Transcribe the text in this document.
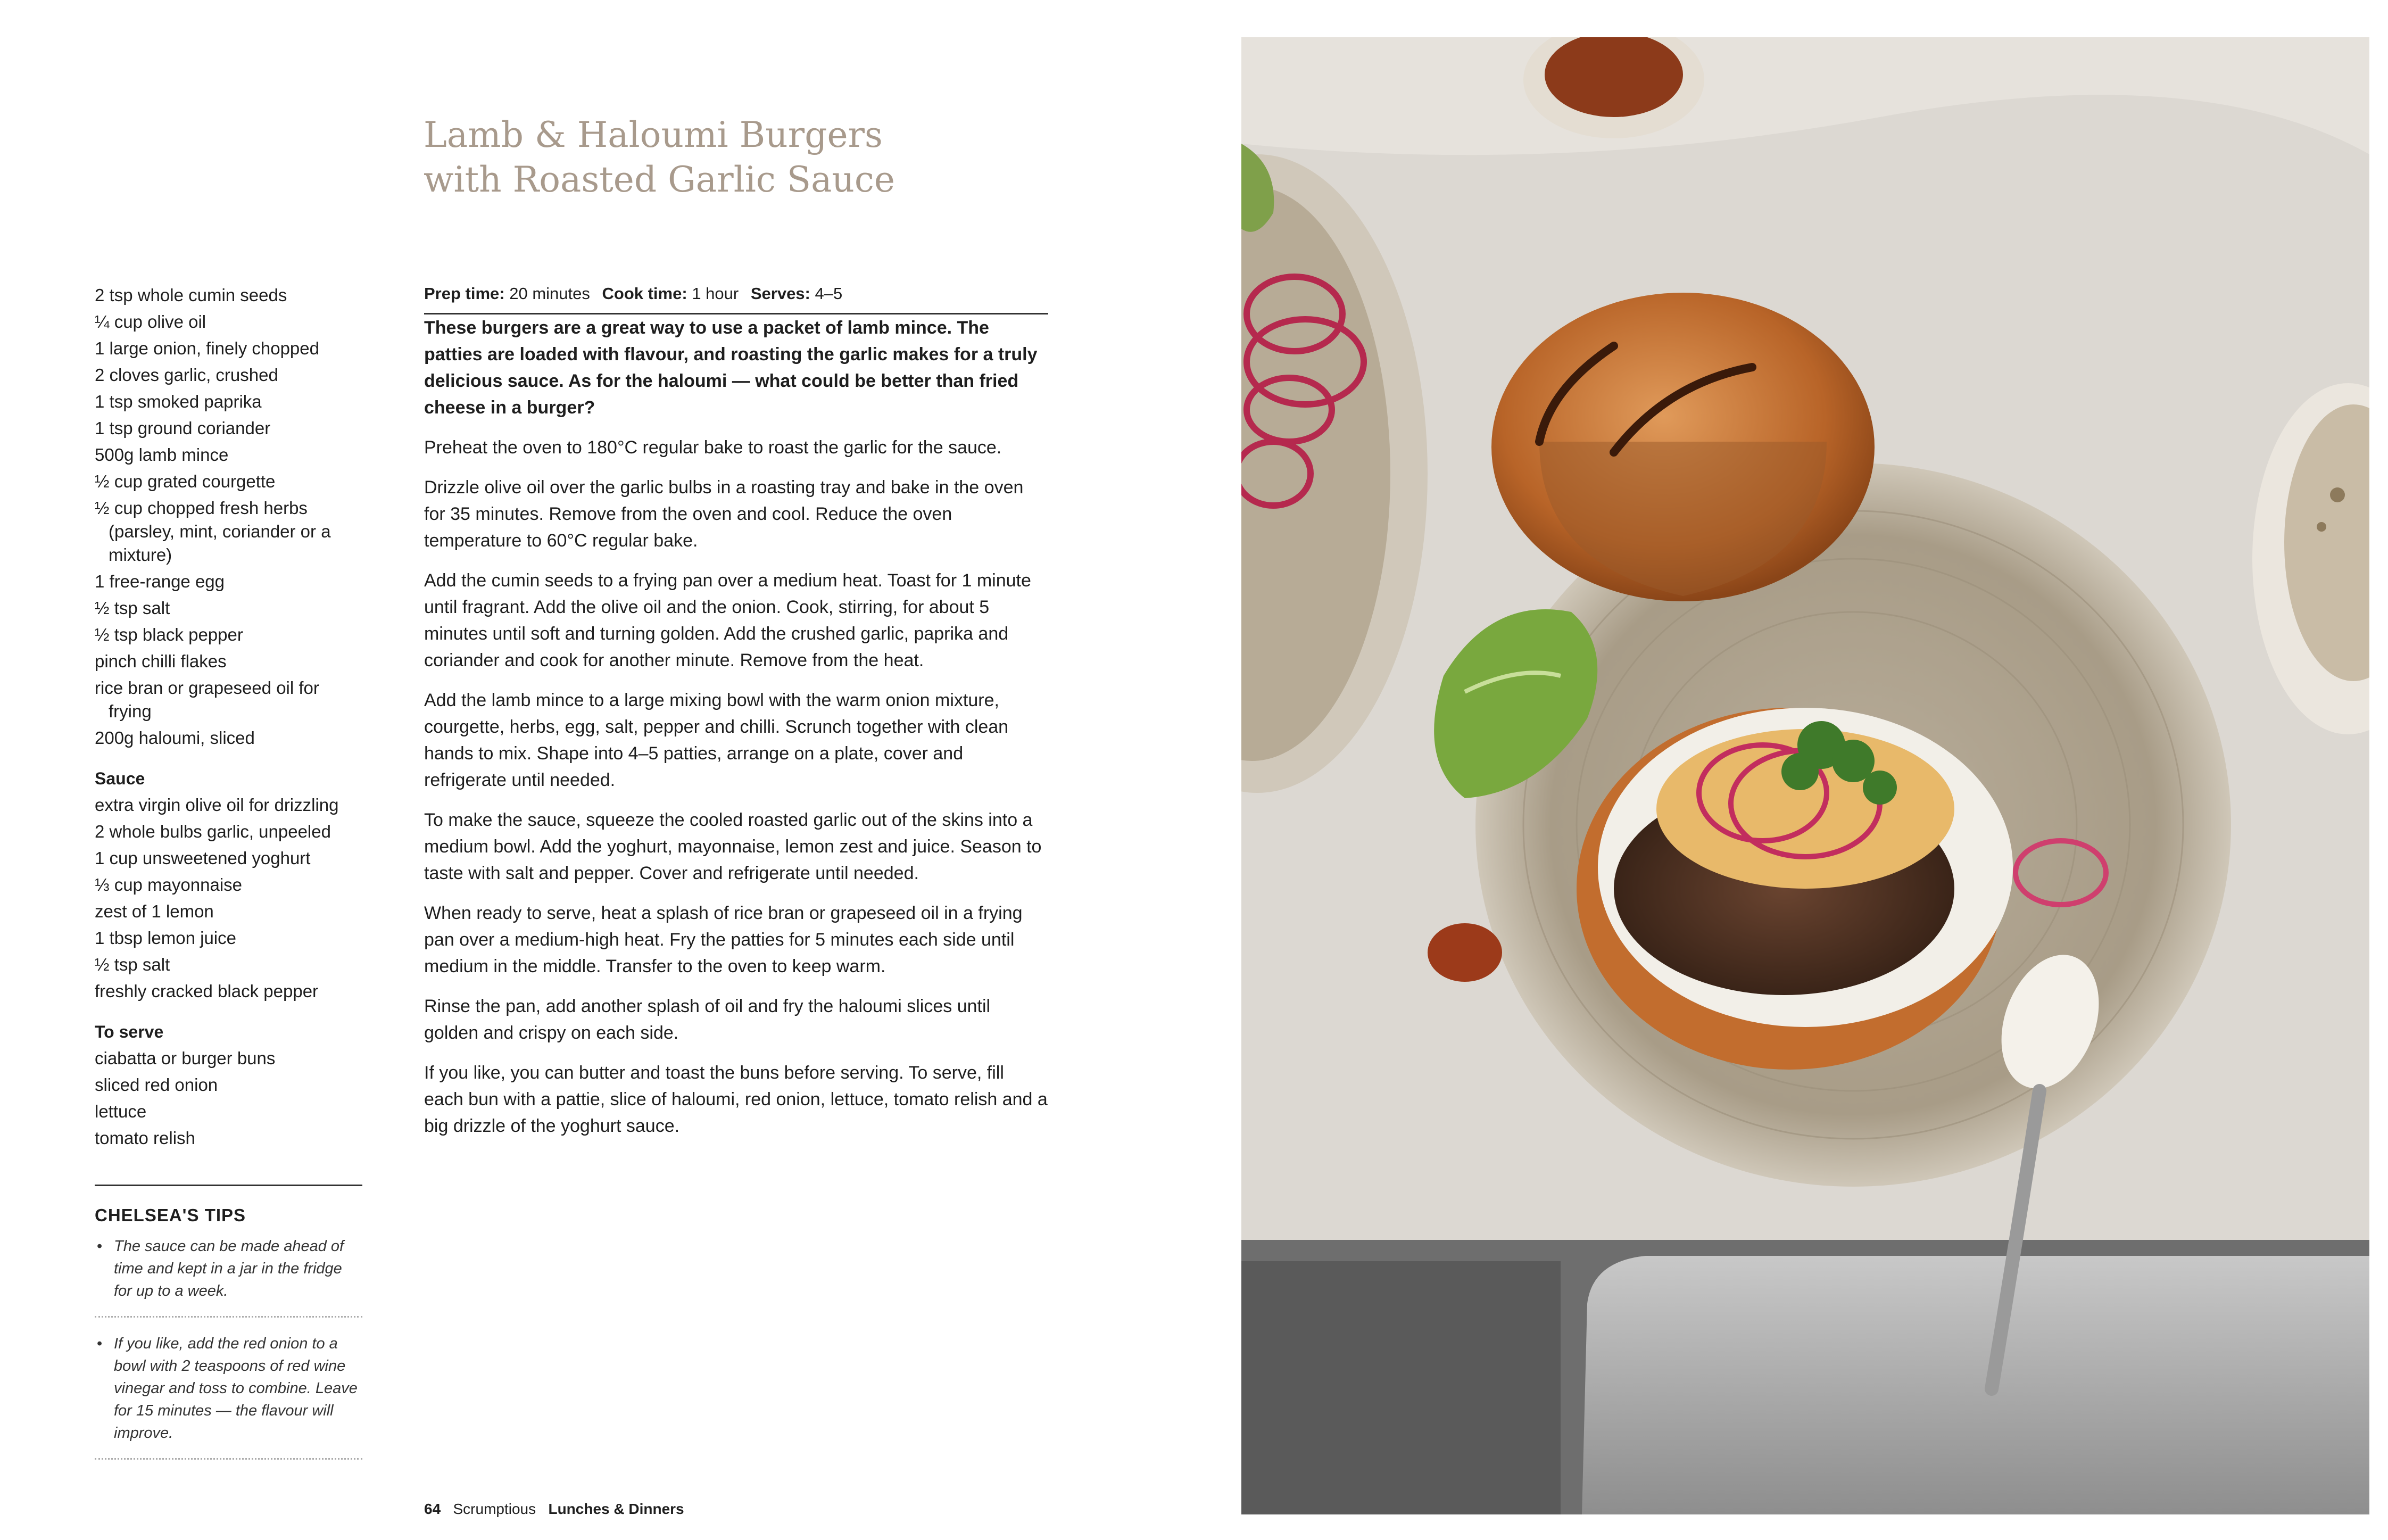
Lamb & Haloumi Burgers
with Roasted Garlic Sauce
2 tsp whole cumin seeds
¼ cup olive oil
1 large onion, finely chopped
2 cloves garlic, crushed
1 tsp smoked paprika
1 tsp ground coriander
500g lamb mince
½ cup grated courgette
½ cup chopped fresh herbs (parsley, mint, coriander or a mixture)
1 free-range egg
½ tsp salt
½ tsp black pepper
pinch chilli flakes
rice bran or grapeseed oil for frying
200g haloumi, sliced
Sauce
extra virgin olive oil for drizzling
2 whole bulbs garlic, unpeeled
1 cup unsweetened yoghurt
⅓ cup mayonnaise
zest of 1 lemon
1 tbsp lemon juice
½ tsp salt
freshly cracked black pepper
To serve
ciabatta or burger buns
sliced red onion
lettuce
tomato relish
CHELSEA'S TIPS
• The sauce can be made ahead of time and kept in a jar in the fridge for up to a week.
• If you like, add the red onion to a bowl with 2 teaspoons of red wine vinegar and toss to combine. Leave for 15 minutes — the flavour will improve.
Prep time: 20 minutes Cook time: 1 hour Serves: 4–5

These burgers are a great way to use a packet of lamb mince. The patties are loaded with flavour, and roasting the garlic makes for a truly delicious sauce. As for the haloumi — what could be better than fried cheese in a burger?

Preheat the oven to 180°C regular bake to roast the garlic for the sauce.

Drizzle olive oil over the garlic bulbs in a roasting tray and bake in the oven for 35 minutes. Remove from the oven and cool. Reduce the oven temperature to 60°C regular bake.

Add the cumin seeds to a frying pan over a medium heat. Toast for 1 minute until fragrant. Add the olive oil and the onion. Cook, stirring, for about 5 minutes until soft and turning golden. Add the crushed garlic, paprika and coriander and cook for another minute. Remove from the heat.

Add the lamb mince to a large mixing bowl with the warm onion mixture, courgette, herbs, egg, salt, pepper and chilli. Scrunch together with clean hands to mix. Shape into 4–5 patties, arrange on a plate, cover and refrigerate until needed.

To make the sauce, squeeze the cooled roasted garlic out of the skins into a medium bowl. Add the yoghurt, mayonnaise, lemon zest and juice. Season to taste with salt and pepper. Cover and refrigerate until needed.

When ready to serve, heat a splash of rice bran or grapeseed oil in a frying pan over a medium-high heat. Fry the patties for 5 minutes each side until medium in the middle. Transfer to the oven to keep warm.

Rinse the pan, add another splash of oil and fry the haloumi slices until golden and crispy on each side.

If you like, you can butter and toast the buns before serving. To serve, fill each bun with a pattie, slice of haloumi, red onion, lettuce, tomato relish and a big drizzle of the yoghurt sauce.

64 Scrumptious Lunches & Dinners
